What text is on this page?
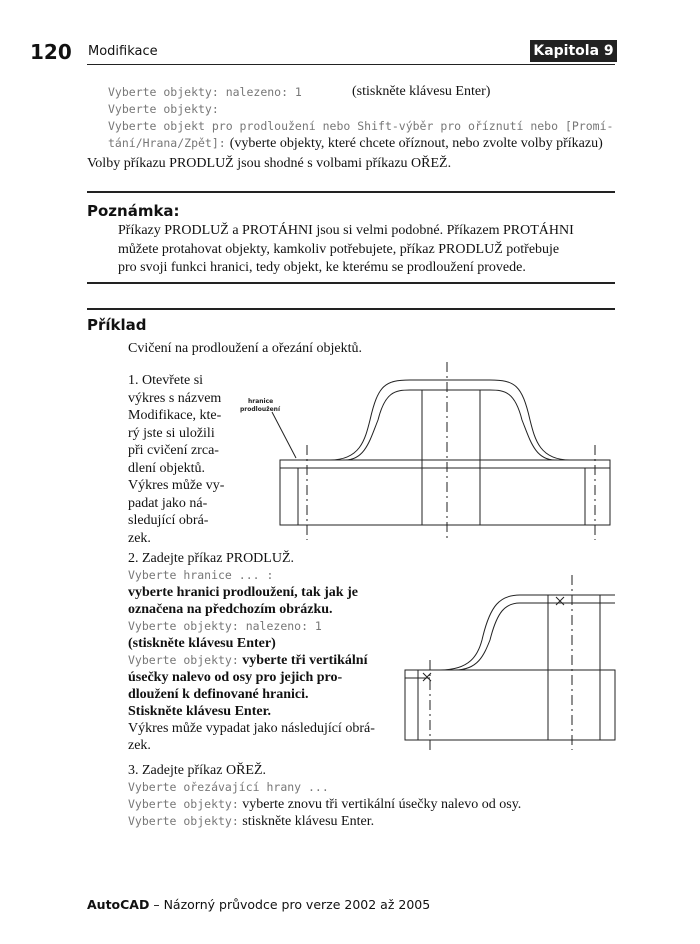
120 Modifikace	Kapitola 9
Vyberte objekty: nalezeno: 1	(stiskněte klávesu Enter)
Vyberte objekty:
Vyberte objekt pro prodloužení nebo Shift-výběr pro oříznutí nebo [Promí-
tání/Hrana/Zpět]: (vyberte objekty, které chcete oříznout, nebo zvolte volby příkazu)
Volby příkazu PRODLUŽ jsou shodné s volbami příkazu OŘEŽ.
Poznámka:
Příkazy PRODLUŽ a PROTÁHNI jsou si velmi podobné. Příkazem PROTÁHNI
můžete protahovat objekty, kamkoliv potřebujete, příkaz PRODLUŽ potřebuje
pro svoji funkci hranici, tedy objekt, ke kterému se prodloužení provede.
Příklad
Cvičení na prodloužení a ořezání objektů.
1. Otevřete si
výkres s názvem
Modifikace, kte-
rý jste si uložili
při cvičení zrca-
dlení objektů.
Výkres může vy-
padat jako ná-
sledující obrá-
zek.
hranice
prodloužení
2. Zadejte příkaz PRODLUŽ.
Vyberte hranice ... :
vyberte hranici prodloužení, tak jak je
označena na předchozím obrázku.
Vyberte objekty: nalezeno: 1
(stiskněte klávesu Enter)
Vyberte objekty: vyberte tři vertikální
úsečky nalevo od osy pro jejich pro-
dloužení k definované hranici.
Stiskněte klávesu Enter.
Výkres může vypadat jako následující obrá-
zek.
3. Zadejte příkaz OŘEŽ.
Vyberte ořezávající hrany ...
Vyberte objekty: vyberte znovu tři vertikální úsečky nalevo od osy.
Vyberte objekty: stiskněte klávesu Enter.
AutoCAD – Názorný průvodce pro verze 2002 až 2005
